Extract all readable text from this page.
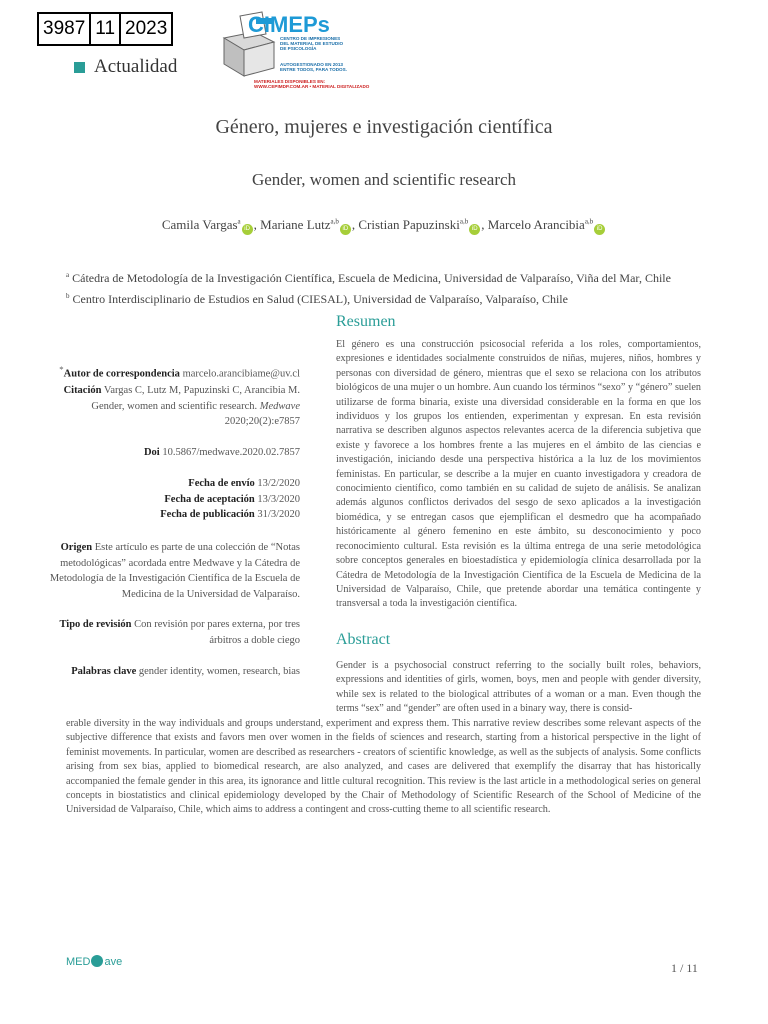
3987 11 2023
Actualidad
CIMEPs
CENTRO DE IMPRESIONES
DEL MATERIAL DE ESTUDIO
DE PSICOLOGÍA
AUTOGESTIONADO EN 2013
ENTRE TODOS, PARA TODOS.
MATERIALES DISPONIBLES EN:
WWW.CEPIMDP.COM.AR • MATERIAL DIGITALIZADO
Género, mujeres e investigación científica
Gender, women and scientific research
Camila Vargas$^a$iD , Mariane Lutz$^{a,b}$iD , Cristian Papuzinski$^{a,b}$iD , Marcelo Arancibia$^{a,b}$iD
$^a$ Cátedra de Metodología de la Investigación Científica, Escuela de Medicina, Universidad de Valparaíso, Viña del Mar, Chile
$^b$ Centro Interdisciplinario de Estudios en Salud (CIESAL), Universidad de Valparaíso, Valparaíso, Chile
*Autor de correspondencia marcelo.arancibiame@uv.cl
Citación Vargas C, Lutz M, Papuzinski C, Arancibia M. Gender, women and scientific research. Medwave 2020;20(2):e7857
Doi 10.5867/medwave.2020.02.7857
Fecha de envío 13/2/2020
Fecha de aceptación 13/3/2020
Fecha de publicación 31/3/2020
Origen Este artículo es parte de una colección de “Notas metodológicas” acordada entre Medwave y la Cátedra de Metodología de la Investigación Científica de la Escuela de Medicina de la Universidad de Valparaíso.
Tipo de revisión Con revisión por pares externa, por tres árbitros a doble ciego
Palabras clave gender identity, women, research, bias
Resumen
El género es una construcción psicosocial referida a los roles, comportamientos, expresiones e identidades socialmente construidos de niñas, mujeres, niños, hombres y personas con diversidad de género, mientras que el sexo se relaciona con los atributos biológicos de una mujer o un hombre. Aun cuando los términos “sexo” y “género” suelen utilizarse de forma binaria, existe una diversidad considerable en la forma en que los individuos y los grupos los entienden, experimentan y expresan. En esta revisión narrativa se describen algunos aspectos relevantes acerca de la diferencia subjetiva que existe y favorece a los hombres frente a las mujeres en el ámbito de las ciencias e investigación, iniciando desde una perspectiva histórica a la luz de los movimientos feministas. En particular, se describe a la mujer en cuanto investigadora y creadora de conocimiento científico, como también en su calidad de sujeto de análisis. Se analizan además algunos conflictos derivados del sesgo de sexo aplicados a la investigación biomédica, y se entregan casos que ejemplifican el desmedro que ha acompañado históricamente al género femenino en este ámbito, su desconocimiento y poco reconocimiento cultural. Esta revisión es la última entrega de una serie metodológica sobre conceptos generales en bioestadística y epidemiología clínica desarrollada por la Cátedra de Metodología de la Investigación Científica de la Escuela de Medicina de la Universidad de Valparaíso, Chile, que pretende abordar una temática contingente y transversal a toda la investigación científica.
Abstract
Gender is a psychosocial construct referring to the socially built roles, behaviors, expressions and identities of girls, women, boys, men and people with gender diversity, while sex is related to the biological attributes of a woman or a man. Even though the terms “sex” and “gender” are often used in a binary way, there is consid-
erable diversity in the way individuals and groups understand, experiment and express them. This narrative review describes some relevant aspects of the subjective difference that exists and favors men over women in the fields of sciences and research, starting from a historical perspective in the light of feminist movements. In particular, women are described as researchers - creators of scientific knowledge, as well as the subjects of analysis. Some conflicts arising from sex bias, applied to biomedical research, are also analyzed, and cases are delivered that exemplify the disarray that has historically accompanied the female gender in this area, its ignorance and little cultural recognition. This review is the last article in a methodological series on general concepts in biostatistics and clinical epidemiology developed by the Chair of Methodology of Scientific Research of the School of Medicine of the Universidad de Valparaíso, Chile, which aims to address a contingent and cross-cutting theme to all scientific research.
MED ave	1 / 11
